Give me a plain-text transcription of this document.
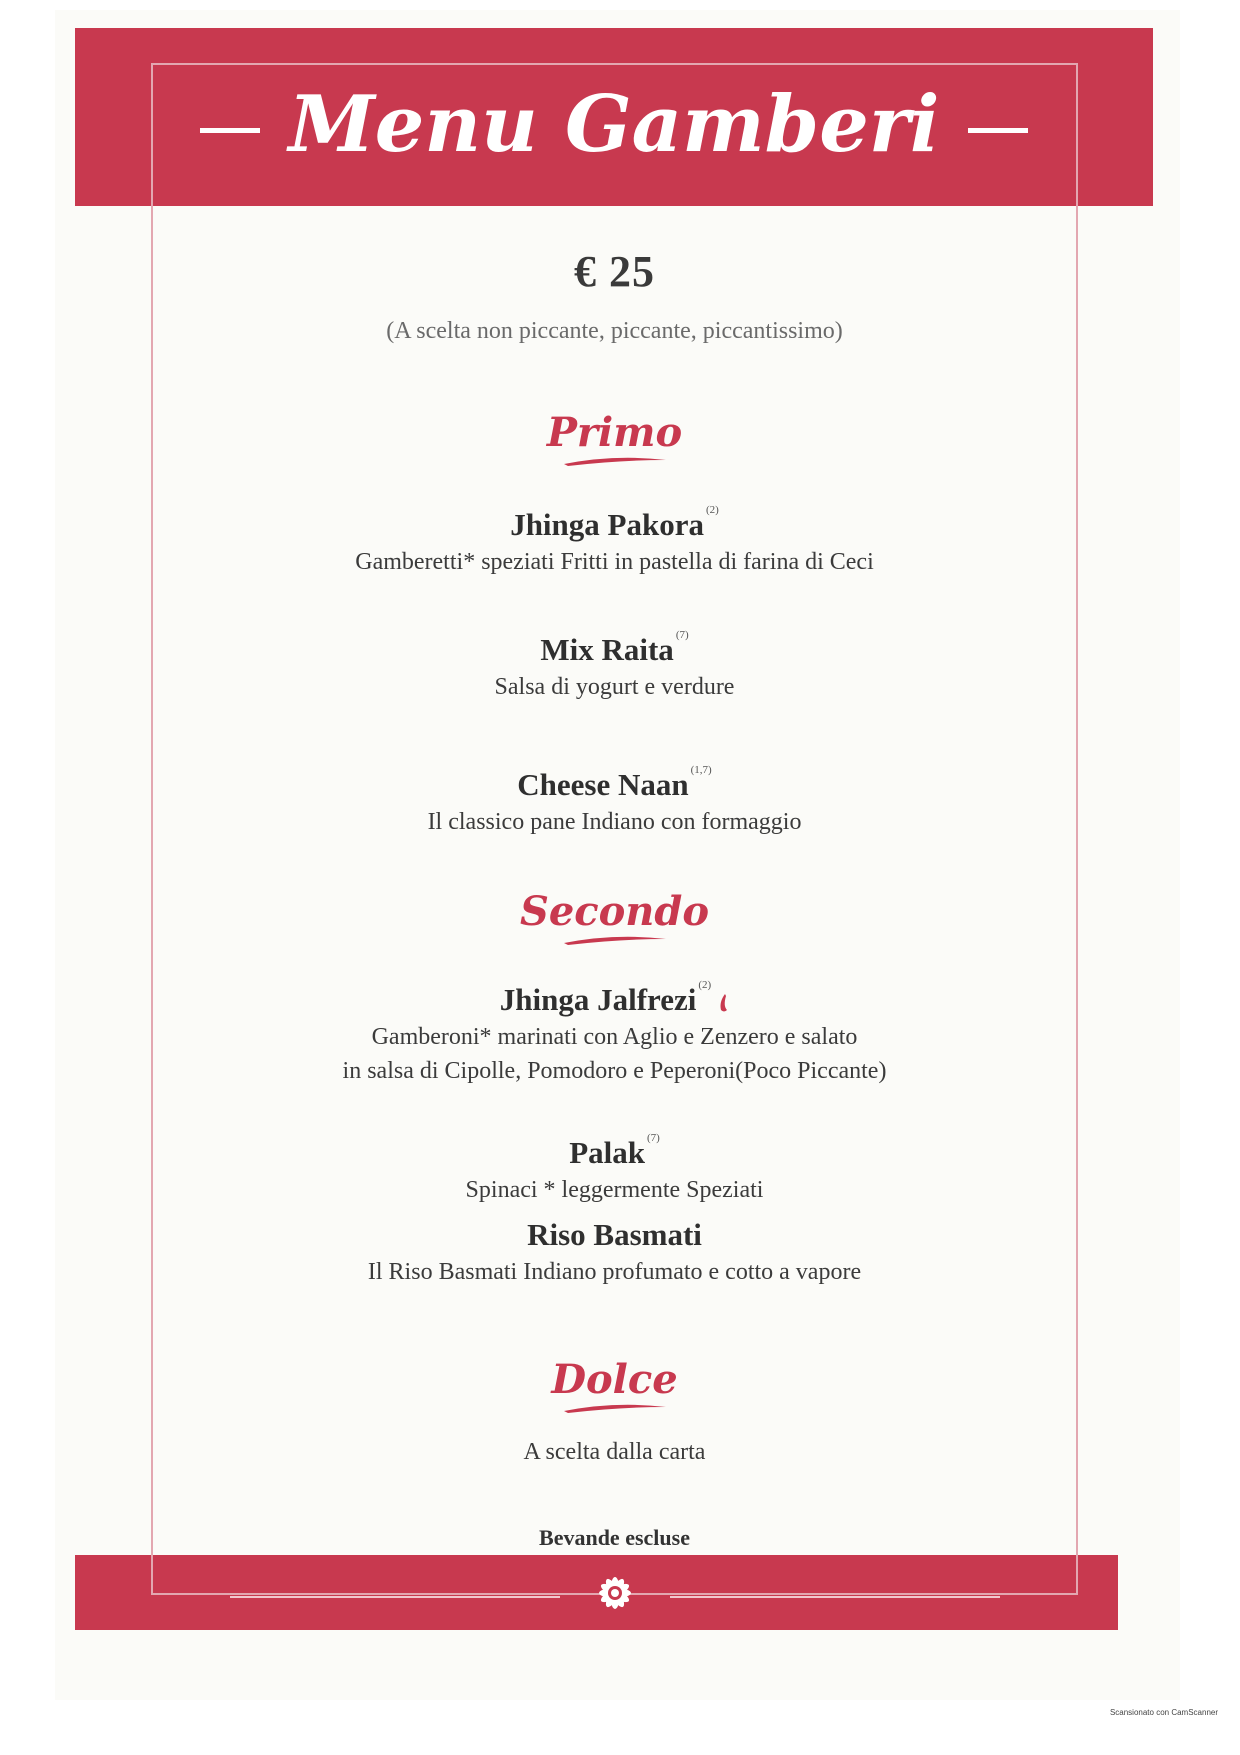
Menu Gamberi
€ 25
(A scelta non piccante, piccante, piccantissimo)
Primo
Jhinga Pakora $^{(2)}$
Gamberetti* speziati Fritti in pastella di farina di Ceci
Mix Raita $^{(7)}$
Salsa di yogurt e verdure
Cheese Naan $^{(1,7)}$
Il classico pane Indiano con formaggio
Secondo
Jhinga Jalfrezi $^{(2)}$
Gamberoni* marinati con Aglio e Zenzero e salato
in salsa di Cipolle, Pomodoro e Peperoni(Poco Piccante)
Palak $^{(7)}$
Spinaci * leggermente Speziati
Riso Basmati
Il Riso Basmati Indiano profumato e cotto a vapore
Dolce
A scelta dalla carta
Bevande escluse
Scansionato con CamScanner
